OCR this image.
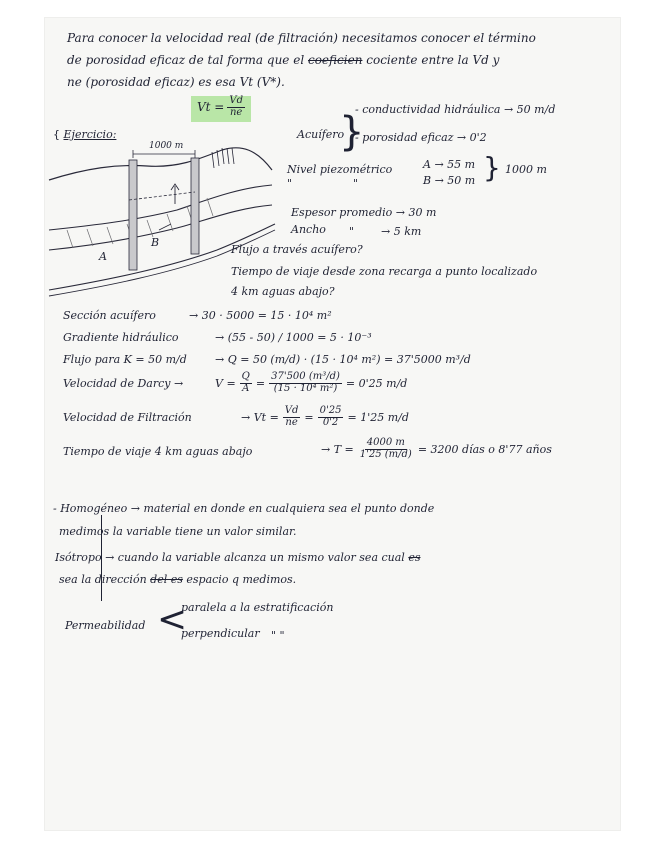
Para conocer la velocidad real (de filtración) necesitamos conocer el término
de porosidad eficaz de tal forma que el coeficien cociente entre la Vd y
ne (porosidad eficaz) es esa Vt (V*).
$Vt = \frac{Vd}{ne}$
{ Ejercicio:
1000 m
A
B
Acuífero
}
- conductividad hidráulica → 50 m/d
- porosidad eficaz → 0'2
Nivel piezométrico	A → 55 m
"	"	B → 50 m } 1000 m
Espesor promedio → 30 m
Ancho " → 5 km
Flujo a través acuífero?
Tiempo de viaje desde zona recarga a punto localizado
4 km aguas abajo?
Sección acuífero	→ 30 · 5000 = 15 · 10⁴ m²
Gradiente hidráulico	→ (55 - 50) / 1000 = 5 · 10⁻³
Flujo para K = 50 m/d	→ Q = 50 (m/d) · (15 · 10⁴ m²) = 37'5000 m³/d
Velocidad de Darcy →	$V = \frac{Q}{A} = \frac{\text{37'500 (m³/d)}}{\text{(15 · 10⁴ m²)}} = 0'25$ m/d
Velocidad de Filtración	→ $Vt = \frac{Vd}{ne} = \frac{0'25}{0'2} = 1'25$ m/d
Tiempo de viaje 4 km aguas abajo	→ $T = \frac{4000 m}{1'25 (m/d)} = 3200$ días o 8'77 años
- Homogéneo → material en donde en cualquiera sea el punto donde
medimos la variable tiene un valor similar.
Isótropo → cuando la variable alcanza un mismo valor sea cual es
sea la dirección del es espacio q medimos.
Permeabilidad <
paralela a la estratificación
perpendicular " "
